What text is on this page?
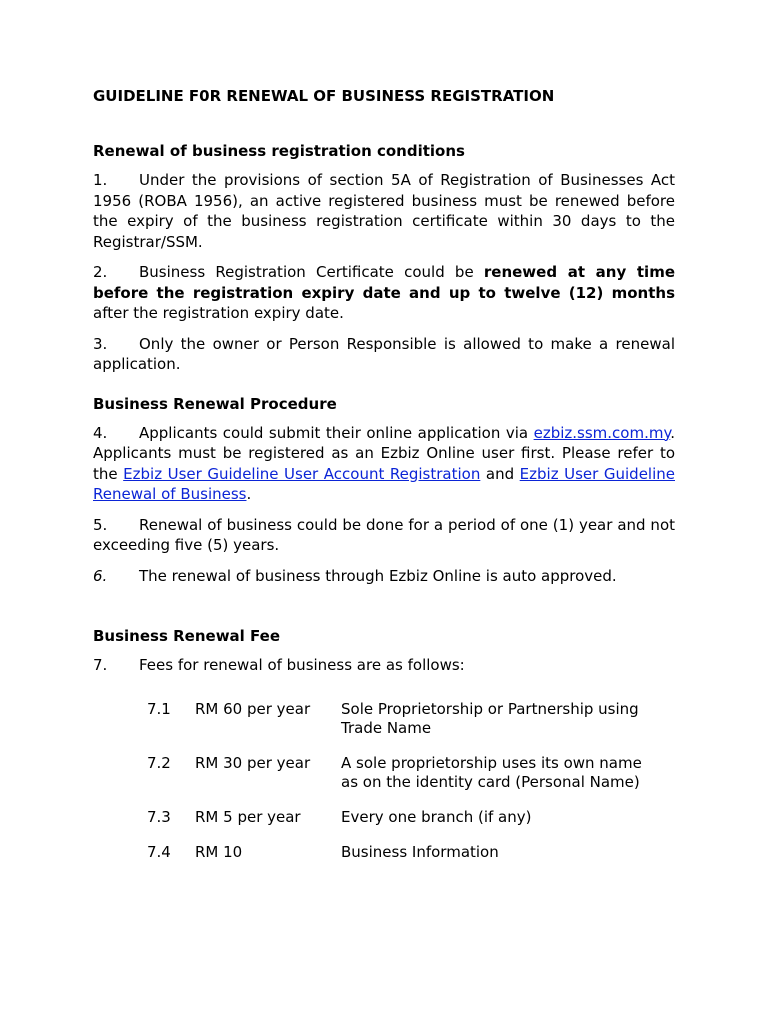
GUIDELINE F0R RENEWAL OF BUSINESS REGISTRATION
Renewal of business registration conditions

1. Under the provisions of section 5A of Registration of Businesses Act 1956 (ROBA 1956), an active registered business must be renewed before the expiry of the business registration certificate within 30 days to the Registrar/SSM.

2. Business Registration Certificate could be renewed at any time before the registration expiry date and up to twelve (12) months after the registration expiry date.

3. Only the owner or Person Responsible is allowed to make a renewal application.

Business Renewal Procedure

4. Applicants could submit their online application via ezbiz.ssm.com.my. Applicants must be registered as an Ezbiz Online user first. Please refer to the Ezbiz User Guideline User Account Registration and Ezbiz User Guideline Renewal of Business.

5. Renewal of business could be done for a period of one (1) year and not exceeding five (5) years.

6. The renewal of business through Ezbiz Online is auto approved.

Business Renewal Fee

7. Fees for renewal of business are as follows:

7.1	RM 60 per year	Sole Proprietorship or Partnership using Trade Name
7.2	RM 30 per year	A sole proprietorship uses its own name as on the identity card (Personal Name)
7.3	RM 5 per year	Every one branch (if any)
7.4	RM 10	Business Information
